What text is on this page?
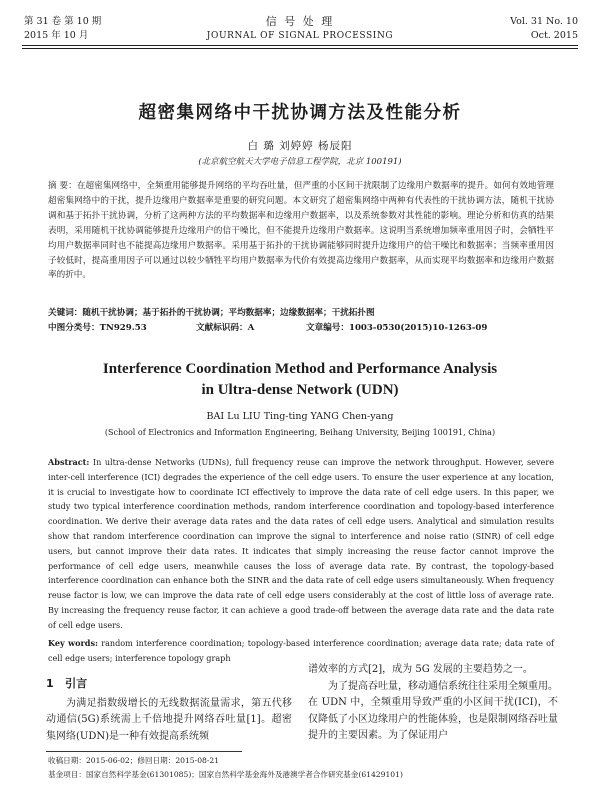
第 31 卷 第 10 期
2015 年 10 月
信 号 处 理
JOURNAL OF SIGNAL PROCESSING
Vol. 31 No. 10
Oct. 2015
超密集网络中干扰协调方法及性能分析
白 璐 刘婷婷 杨辰阳
(北京航空航天大学电子信息工程学院，北京 100191)
摘 要：在超密集网络中，全频重用能够提升网络的平均吞吐量，但严重的小区间干扰限制了边缘用户数据率的提升。如何有效地管理超密集网络中的干扰，提升边缘用户数据率是重要的研究问题。本文研究了超密集网络中两种有代表性的干扰协调方法，随机干扰协调和基于拓扑干扰协调，分析了这两种方法的平均数据率和边缘用户数据率，以及系统参数对其性能的影响。理论分析和仿真的结果表明，采用随机干扰协调能够提升边缘用户的信干噪比，但不能提升边缘用户数据率。这说明当系统增加频率重用因子时，会牺牲平均用户数据率同时也不能提高边缘用户数据率。采用基于拓扑的干扰协调能够同时提升边缘用户的信干噪比和数据率；当频率重用因子较低时，提高重用因子可以通过以较少牺牲平均用户数据率为代价有效提高边缘用户数据率，从而实现平均数据率和边缘用户数据率的折中。
关键词：随机干扰协调；基于拓扑的干扰协调；平均数据率；边缘数据率；干扰拓扑图
中图分类号：TN929.53	文献标识码：A	文章编号：1003-0530(2015)10-1263-09
Interference Coordination Method and Performance Analysis
in Ultra-dense Network (UDN)
BAI Lu LIU Ting-ting YANG Chen-yang
(School of Electronics and Information Engineering, Beihang University, Beijing 100191, China)
Abstract: In ultra-dense Networks (UDNs), full frequency reuse can improve the network throughput. However, severe inter-cell interference (ICI) degrades the experience of the cell edge users. To ensure the user experience at any location, it is crucial to investigate how to coordinate ICI effectively to improve the data rate of cell edge users. In this paper, we study two typical interference coordination methods, random interference coordination and topology-based interference coordination. We derive their average data rates and the data rates of cell edge users. Analytical and simulation results show that random interference coordination can improve the signal to interference and noise ratio (SINR) of cell edge users, but cannot improve their data rates. It indicates that simply increasing the reuse factor cannot improve the performance of cell edge users, meanwhile causes the loss of average data rate. By contrast, the topology-based interference coordination can enhance both the SINR and the data rate of cell edge users simultaneously. When frequency reuse factor is low, we can improve the data rate of cell edge users considerably at the cost of little loss of average rate. By increasing the frequency reuse factor, it can achieve a good trade-off between the average data rate and the data rate of cell edge users.
Key words: random interference coordination; topology-based interference coordination; average data rate; data rate of cell edge users; interference topology graph
1   引言
为满足指数级增长的无线数据流量需求，第五代移动通信(5G)系统需上千倍地提升网络吞吐量[1]。超密集网络(UDN)是一种有效提高系统频
谱效率的方式[2]，成为 5G 发展的主要趋势之一。
为了提高吞吐量，移动通信系统往往采用全频重用。在 UDN 中，全频重用导致严重的小区间干扰(ICI)，不仅降低了小区边缘用户的性能体验，也是限制网络吞吐量提升的主要因素。为了保证用户
收稿日期：2015-06-02；修回日期：2015-08-21
基金项目：国家自然科学基金(61301085)；国家自然科学基金海外及港澳学者合作研究基金(61429101)
